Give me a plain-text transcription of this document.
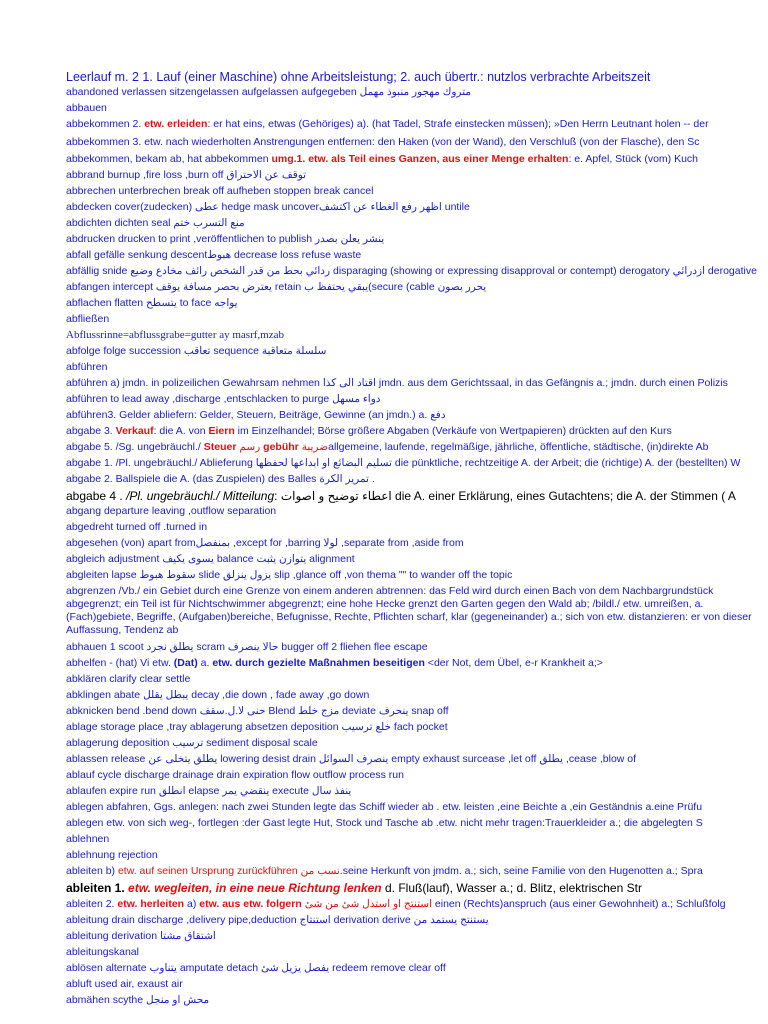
Leerlauf m. 2 1. Lauf (einer Maschine) ohne Arbeitsleistung; 2. auch übertr.: nutzlos verbrachte Arbeitszeit
abandoned verlassen sitzengelassen aufgelassen aufgegeben متروك مهجور منبوذ مهمل
abbauen
abbekommen 2. etw. erleiden: er hat eins, etwas (Gehöriges) a). (hat Tadel, Strafe einstecken müssen); »Den Herrn Leutnant holen -- der
abbekommen 3. etw. nach wiederholten Anstrengungen entfernen: den Haken (von der Wand), den Verschluß (von der Flasche), den Sc
abbekommen, bekam ab, hat abbekommen umg.1. etw. als Teil eines Ganzen, aus einer Menge erhalten: e. Apfel, Stück (vom) Kuch
abbrand burnup ,fire loss ,burn off توقف عن الاحتراق
abbrechen unterbrechen break off aufheben stoppen break cancel
abdecken cover(zudecken) عطى hedge mask uncoverاظهر رفع الغطاء عن اكتشف untile
abdichten dichten seal منع التسرب ختم
abdrucken drucken to print ,veröffentlichen to publish ينشر يعلن بصدر
abfall gefälle senkung descentهبوط decrease loss refuse waste
abfällig snide ردائي بحط من قدر الشخص رائف مخادع وضيع disparaging (showing or expressing disapproval or contempt) derogatory ازدرائي derogative
abfangen intercept يعترض بحصر مسافة يوقف retain يبقي يحتفظ ب(secure (cable يحرر بصون
abflachen flatten يتسطح to face يواجه
abfließen
Abflussrinne=abflussgrabe=gutter ay masrf,mzab
abfolge folge succession تعاقب sequence سلسلة متعاقبة
abführen
abführen a) jmdn. in polizeilichen Gewahrsam nehmen اقتاد الى كذا jmdn. aus dem Gerichtssaal, in das Gefängnis a.; jmdn. durch einen Polizis
abführen to lead away ,discharge ,entschlacken to purge دواء مسهل
abführen3. Gelder abliefern: Gelder, Steuern, Beiträge, Gewinne (an jmdn.) a. دفع
abgabe 3. Verkauf: die A. von Eiern im Einzelhandel; Börse größere Abgaben (Verkäufe von Wertpapieren) drückten auf den Kurs
abgabe 5. /Sg. ungebräuchl./ Steuer رسم gebühr ضريبةallgemeine, laufende, regelmäßige, jährliche, öffentliche, städtische, (in)direkte Ab
abgabe 1. /Pl. ungebräuchl./ Ablieferung تسليم البضائع او ابداعها لحفظها die pünktliche, rechtzeitige A. der Arbeit; die (richtige) A. der (bestellten) W
abgabe 2. Ballspiele die A. (das Zuspielen) des Balles تمرير الكرة .
abgabe 4 . /Pl. ungebräuchl./ Mitteilung: اعطاء توضيح و اصوات die A. einer Erklärung, eines Gutachtens; die A. der Stimmen ( A
abgang departure leaving ,outflow separation
abgedreht turned off .turned in
abgesehen (von) apart fromبمنفصل ,except for ,barring لولا ,separate from ,aside from
abgleich adjustment يسوى يكيف balance يتوازن يثبت alignment
abgleiten lapse سقوط هبوط slide يزول ينزلق slip ,glance off ,von thema "" to wander off the topic
abgrenzen /Vb./ ein Gebiet durch eine Grenze von einem anderen abtrennen: das Feld wird durch einen Bach von dem Nachbargrundstück abgegrenzt; ein Teil ist für Nichtschwimmer abgegrenzt; eine hohe Hecke grenzt den Garten gegen den Wald ab; /bildl./ etw. umreißen, a. (Fach)gebiete, Begriffe, (Aufgaben)bereiche, Befugnisse, Rechte, Pflichten scharf, klar (gegeneinander) a.; sich von etw. distanzieren: er von dieser Auffassung, Tendenz ab
abhauen 1 scoot يطلق نجرد scram حالا ينصرف bugger off 2 fliehen flee escape
abhelfen - (hat) Vi etw. (Dat) a. etw. durch gezielte Maßnahmen beseitigen <der Not, dem Übel, e-r Krankheit a;>
abklären clarify clear settle
abklingen abate يبطل يقلل decay ,die down , fade away ,go down
abknicken bend .bend down حنى لا.ل.سقف Blend مزج خلط deviate ينحرف snap off
ablage storage place ,tray ablagerung absetzen deposition خلع ترسيب fach pocket
ablagerung deposition ترسيب sediment disposal scale
ablassen release يطلق يتخلى عن lowering desist drain ينصرف السوائل empty exhaust surcease ,let off يطلق ,cease ,blow of
ablauf cycle discharge drainage drain expiration flow outflow process run
ablaufen expire run انطلق elapse ينقضي يمر execute ينفذ سال
ablegen abfahren, Ggs. anlegen: nach zwei Stunden legte das Schiff wieder ab . etw. leisten ,eine Beichte a ,ein Geständnis a.eine Prüfu
ablegen etw. von sich weg-, fortlegen :der Gast legte Hut, Stock und Tasche ab .etw. nicht mehr tragen:Trauerkleider a.; die abgelegten S
ablehnen
ablehnung rejection
ableiten b) etw. auf seinen Ursprung zurückführen نسب من.seine Herkunft von jmdm. a.; sich, seine Familie von den Hugenotten a.; Spra
ableiten 1. etw. wegleiten, in eine neue Richtung lenken d. Fluß(lauf), Wasser a.; d. Blitz, elektrischen Str
ableiten 2. etw. herleiten a) etw. aus etw. folgern استنتج او استدل شئ من شئ einen (Rechts)anspruch (aus einer Gewohnheit) a.; Schlußfolg
ableitung drain discharge ,delivery pipe,deduction استنتاج derivation derive يستنتج يستمد من
ableitung derivation اشتقاق مشتا
ableitungskanal
ablösen alternate يتناوب amputate detach يفصل يزيل شئ redeem remove clear off
abluft used air, exaust air
abmähen scythe محش او منجل
